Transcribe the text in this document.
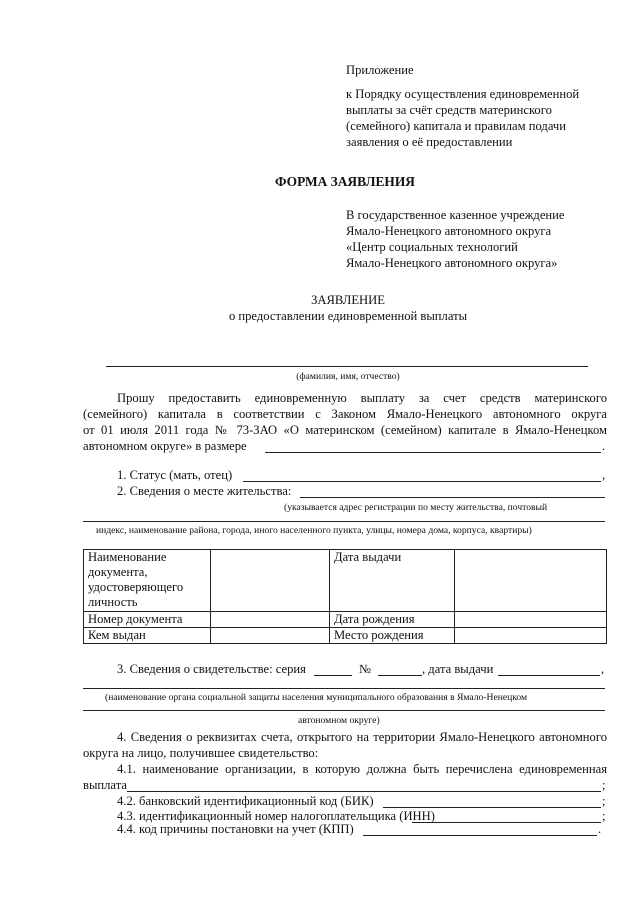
Приложение
к Порядку осуществления единовременной
выплаты за счёт средств материнского
(семейного) капитала и правилам подачи
заявления о её предоставлении
ФОРМА ЗАЯВЛЕНИЯ
В государственное казенное учреждение
Ямало-Ненецкого автономного округа
«Центр социальных технологий
Ямало-Ненецкого автономного округа»
ЗАЯВЛЕНИЕ
о предоставлении единовременной выплаты
(фамилия, имя, отчество)
Прошу предоставить единовременную выплату за счет средств материнского
(семейного) капитала в соответствии с Законом Ямало-Ненецкого автономного округа
от 01 июля 2011 года № 73-ЗАО «О материнском (семейном) капитале в Ямало-Ненецком
автономном округе» в размере	.
1. Статус (мать, отец)	,
2. Сведения о месте жительства:
(указывается адрес регистрации по месту жительства, почтовый
индекс, наименование района, города, иного населенного пункта, улицы, номера дома, корпуса, квартиры)
Наименование документа, удостоверяющего личность		Дата выдачи	
Номер документа		Дата рождения	
Кем выдан		Место рождения	
3. Сведения о свидетельстве: серия	№	, дата выдачи	,
(наименование органа социальной защиты населения муниципального образования в Ямало-Ненецком
автономном округе)
4. Сведения о реквизитах счета, открытого на территории Ямало-Ненецкого автономного
округа на лицо, получившее свидетельство:
4.1. наименование организации, в которую должна быть перечислена единовременная
выплата	;
4.2. банковский идентификационный код (БИК)	;
4.3. идентификационный номер налогоплательщика (ИНН)	;
4.4. код причины постановки на учет (КПП)	.
